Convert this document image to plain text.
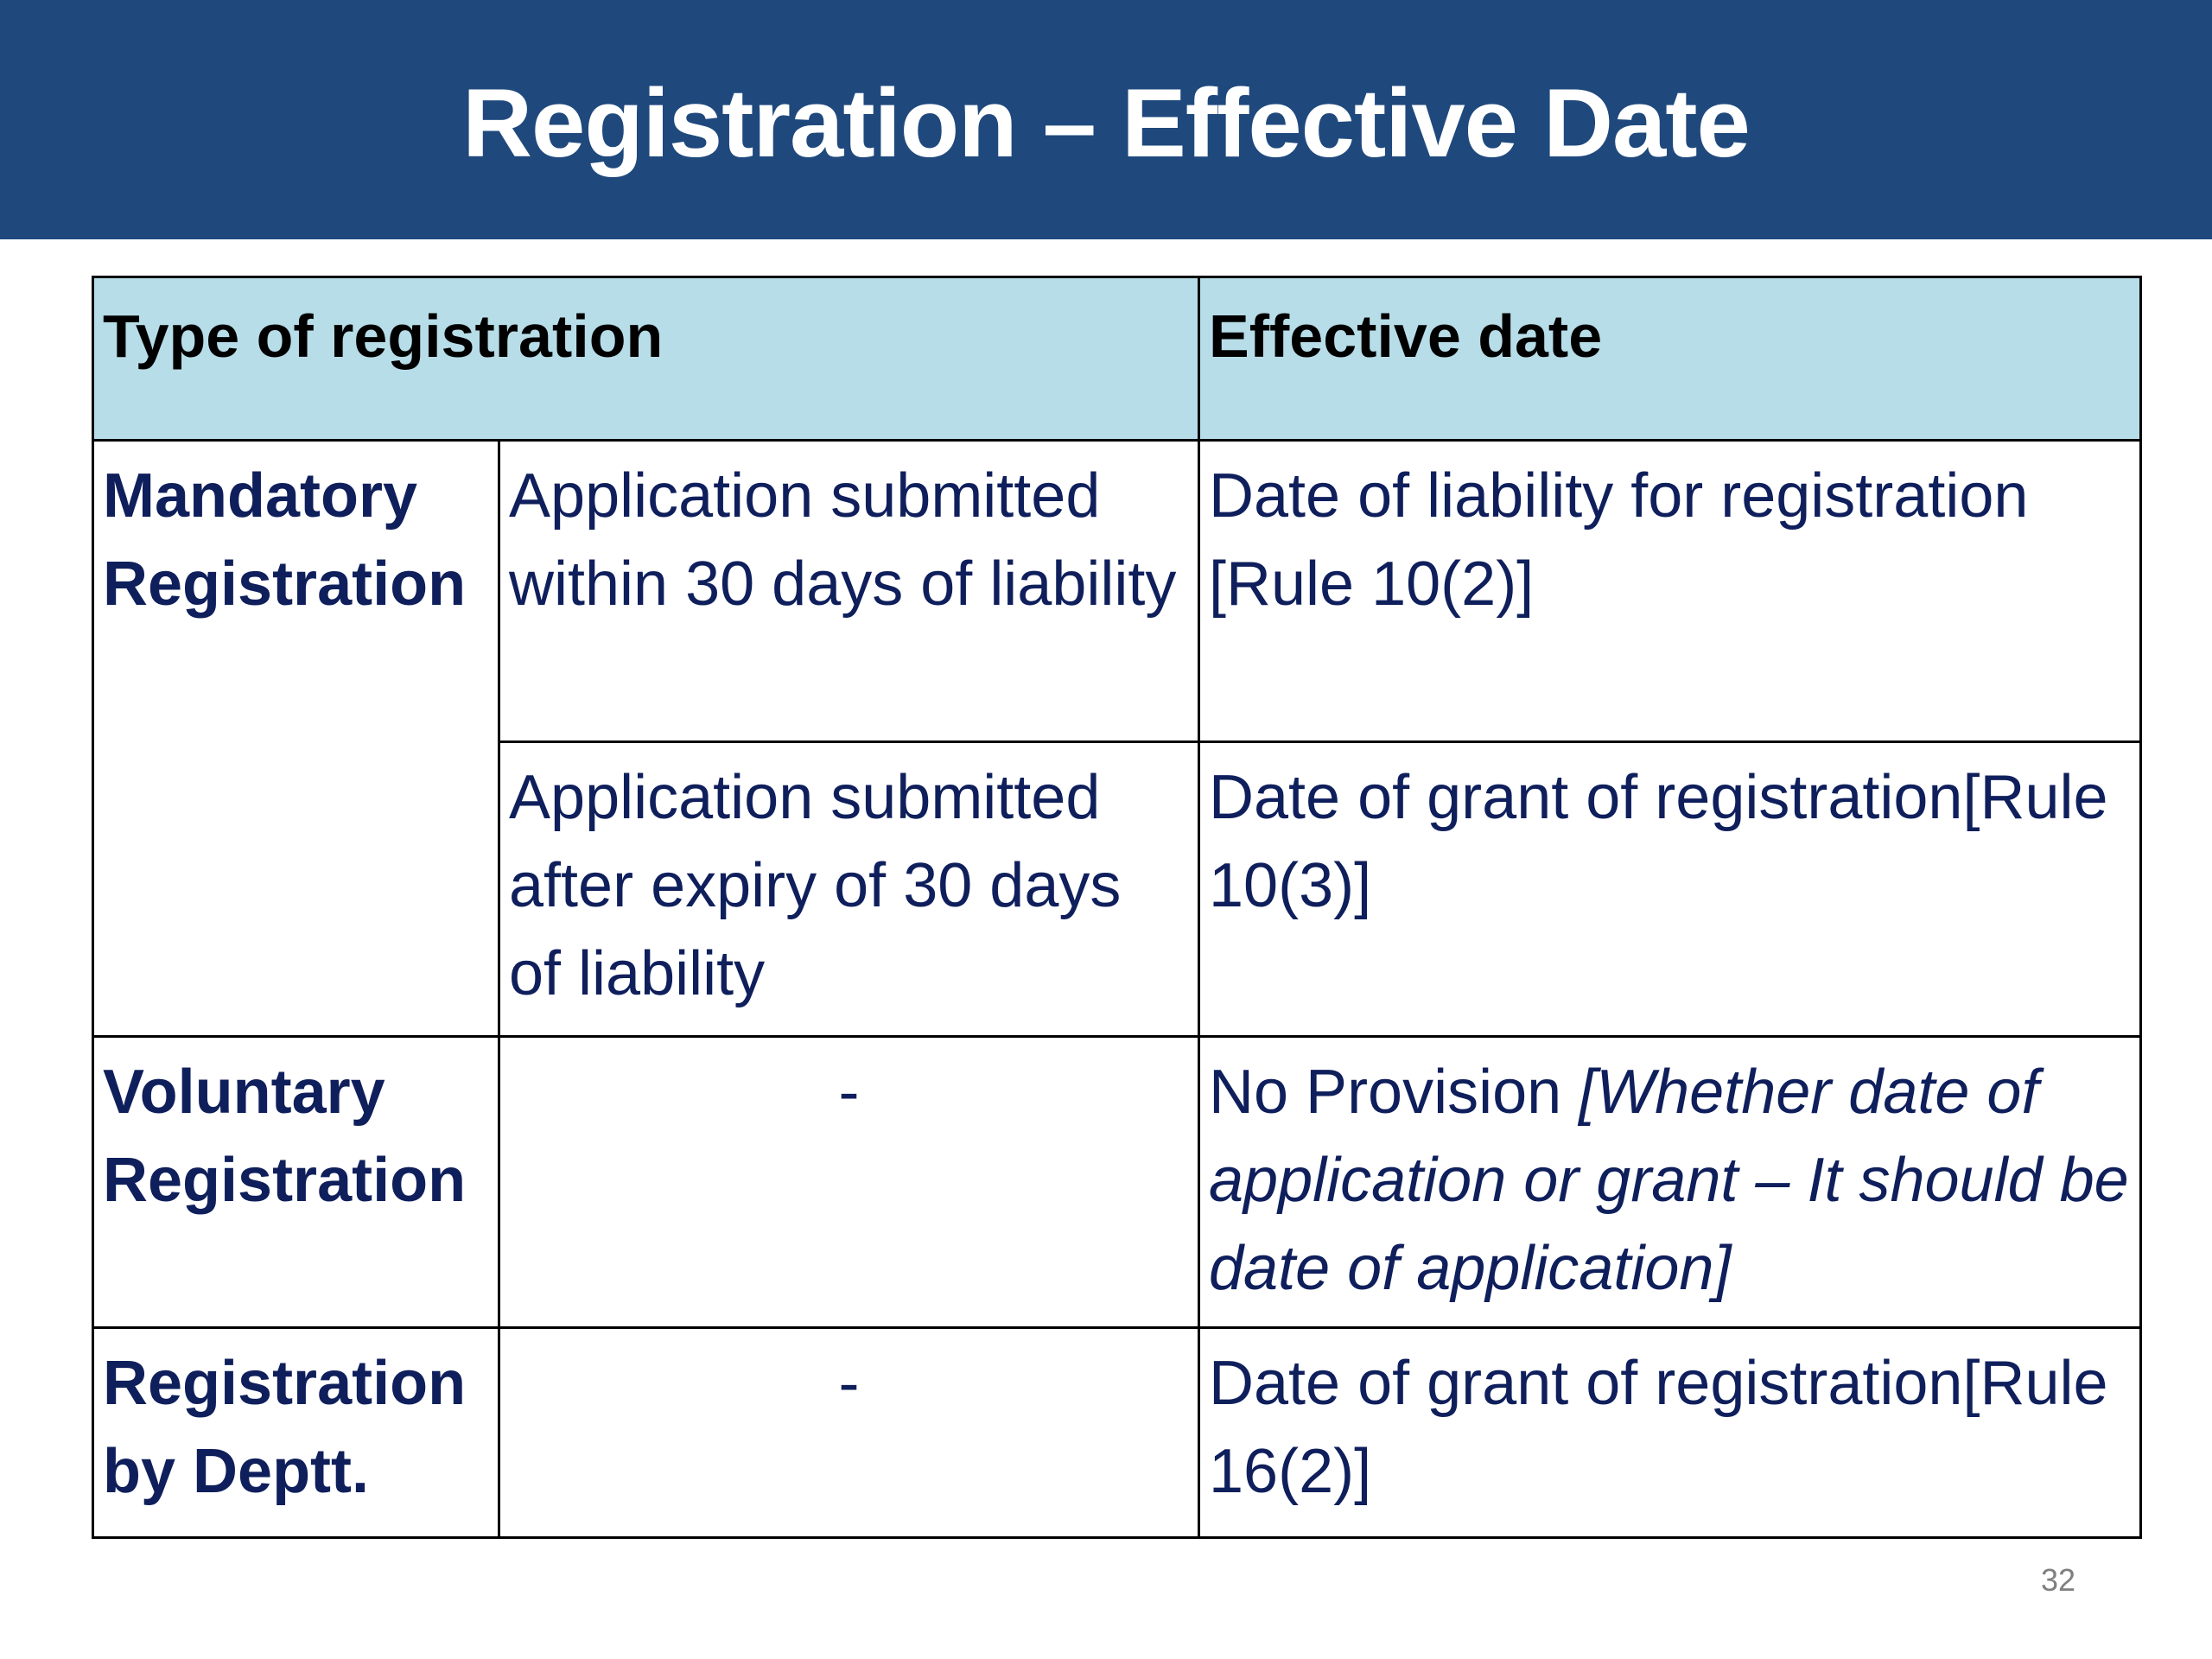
Registration – Effective Date
Type of registration		Effective date
Mandatory Registration	Application submitted within 30 days of liability	Date of liability for registration [Rule 10(2)]
	Application submitted after expiry of 30 days of liability	Date of grant of registration[Rule 10(3)]
Voluntary Registration	-	No Provision [Whether date of application or grant – It should be date of application]
Registration by Deptt.	-	Date of grant of registration[Rule 16(2)]
32
